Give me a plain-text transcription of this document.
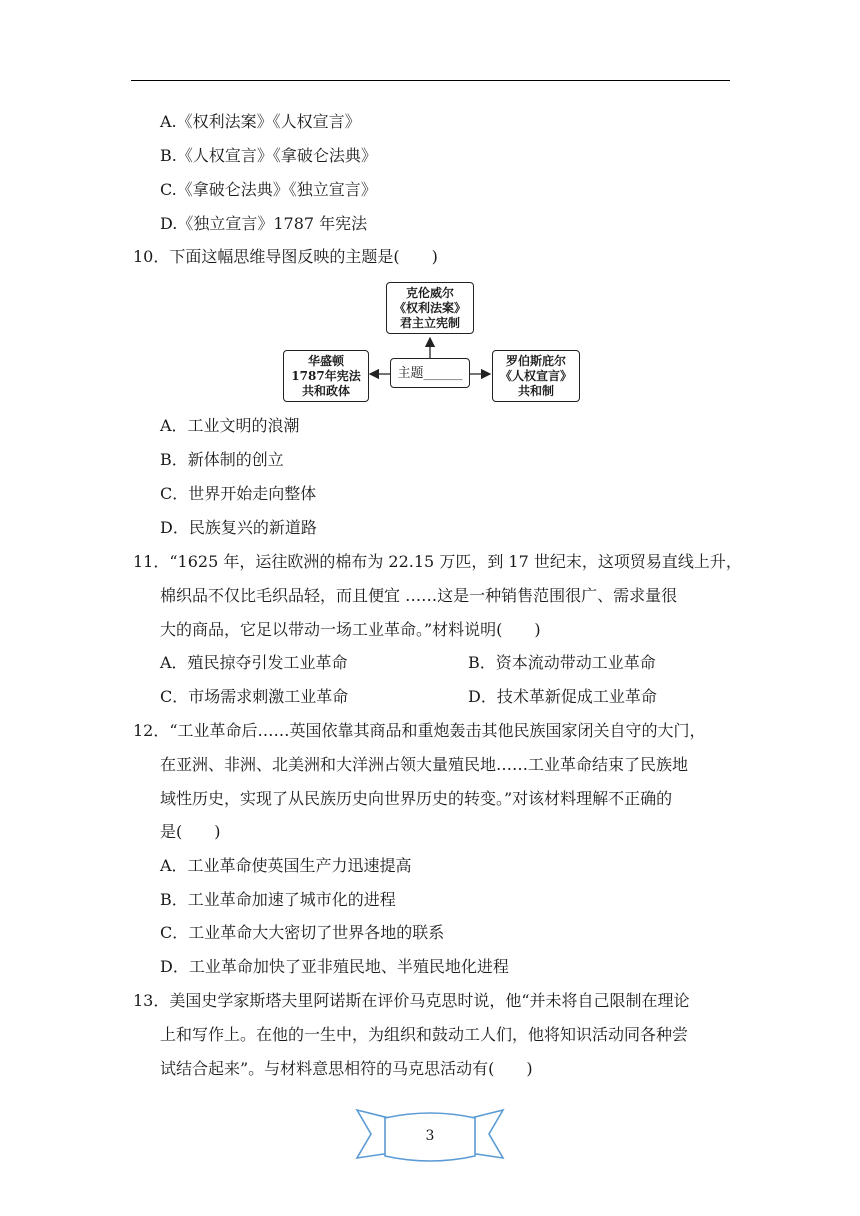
A.《权利法案》《人权宣言》
B.《人权宣言》《拿破仑法典》
C.《拿破仑法典》《独立宣言》
D.《独立宣言》1787 年宪法
10．下面这幅思维导图反映的主题是(　　)
克伦威尔
《权利法案》
君主立宪制
华盛顿
1787年宪法
共和政体
主题______
罗伯斯庇尔
《人权宣言》
共和制
A．工业文明的浪潮
B．新体制的创立
C．世界开始走向整体
D．民族复兴的新道路
11．“1625 年，运往欧洲的棉布为 22.15 万匹，到 17 世纪末，这项贸易直线上升，
棉织品不仅比毛织品轻，而且便宜 ……这是一种销售范围很广、需求量很
大的商品，它足以带动一场工业革命。”材料说明(　　)
A．殖民掠夺引发工业革命	B．资本流动带动工业革命
C．市场需求刺激工业革命	D．技术革新促成工业革命
12．“工业革命后……英国依靠其商品和重炮轰击其他民族国家闭关自守的大门，
在亚洲、非洲、北美洲和大洋洲占领大量殖民地……工业革命结束了民族地
域性历史，实现了从民族历史向世界历史的转变。”对该材料理解不正确的
是(　　)
A．工业革命使英国生产力迅速提高
B．工业革命加速了城市化的进程
C．工业革命大大密切了世界各地的联系
D．工业革命加快了亚非殖民地、半殖民地化进程
13．美国史学家斯塔夫里阿诺斯在评价马克思时说，他“并未将自己限制在理论
上和写作上。在他的一生中，为组织和鼓动工人们，他将知识活动同各种尝
试结合起来”。与材料意思相符的马克思活动有(　　)
3
